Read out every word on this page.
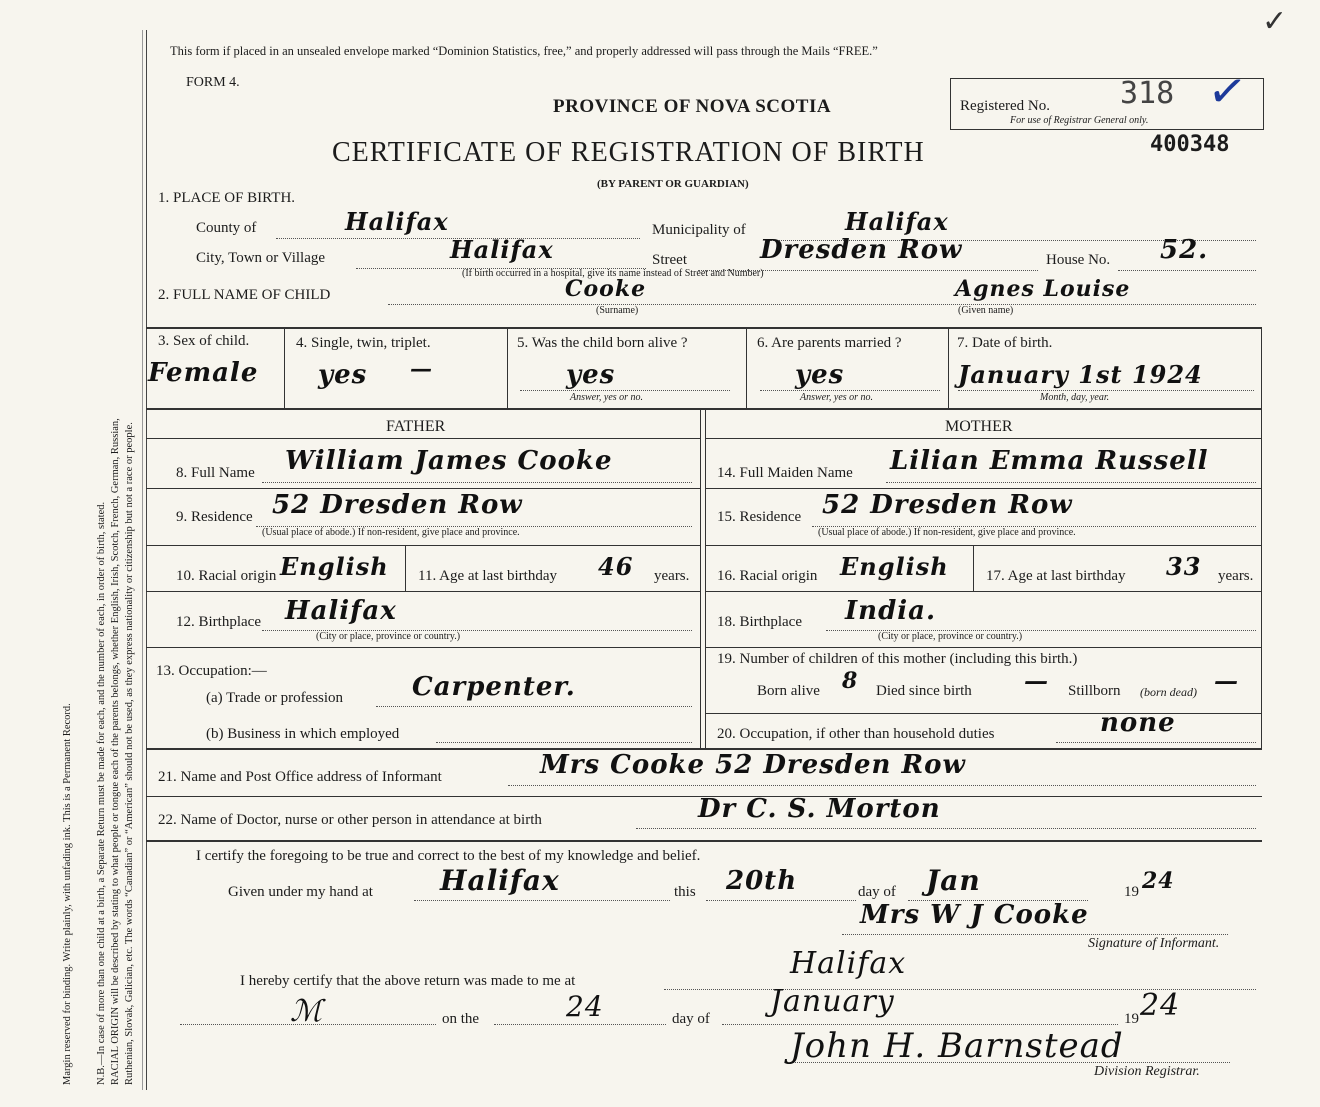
RACIAL ORIGIN will be described by stating to what people or tongue each of the parents belongs, whether English, Irish, Scotch, French, German, Russian, Ruthenian, Slovak, Galician, etc. The words “Canadian” or “American” should not be used, as they express nationality or citizenship but not a race or people.
N.B.—In case of more than one child at a birth, a Separate Return must be made for each, and the number of each, in order of birth, stated.
Margin reserved for binding. Write plainly, with unfading ink. This is a Permanent Record.
This form if placed in an unsealed envelope marked “Dominion Statistics, free,” and properly addressed will pass through the Mails “FREE.”
FORM 4.
PROVINCE OF NOVA SCOTIA
CERTIFICATE OF REGISTRATION OF BIRTH
(BY PARENT OR GUARDIAN)
Registered No. 318 ✓
For use of Registrar General only.
400348
✓
1. PLACE OF BIRTH.
County of	Halifax	Municipality of	Halifax
City, Town or Village	Halifax	Street	Dresden Row	House No. 52.
(If birth occurred in a hospital, give its name instead of Street and Number)
2. FULL NAME OF CHILD	Cooke
(Surname)
Agnes Louise
(Given name)
3. Sex of child.
Female
4. Single, twin, triplet.
yes —
5. Was the child born alive ?
yes
Answer, yes or no.
6. Are parents married ?
yes
Answer, yes or no.
7. Date of birth.
January 1st 1924
Month, day, year.
FATHER	MOTHER
8. Full Name William James Cooke
9. Residence 52 Dresden Row
(Usual place of abode.) If non-resident, give place and province.
10. Racial origin English 11. Age at last birthday 46 years.
12. Birthplace Halifax
(City or place, province or country.)
13. Occupation:—
(a) Trade or profession	Carpenter.
(b) Business in which employed
14. Full Maiden Name Lilian Emma Russell
15. Residence 52 Dresden Row
(Usual place of abode.) If non-resident, give place and province.
16. Racial origin English 17. Age at last birthday 33 years.
18. Birthplace India.
(City or place, province or country.)
19. Number of children of this mother (including this birth.)
Born alive 8 Died since birth — Stillborn (born dead) —
20. Occupation, if other than household duties	none
21. Name and Post Office address of Informant	Mrs Cooke 52 Dresden Row
22. Name of Doctor, nurse or other person in attendance at birth	Dr C. S. Morton
I certify the foregoing to be true and correct to the best of my knowledge and belief.
Given under my hand at Halifax	this 20th	day of Jan	19 24
Mrs W J Cooke
Signature of Informant.
I hereby certify that the above return was made to me at	Halifax
ℳ	on the	24	day of January	19 24
John H. Barnstead
Division Registrar.
